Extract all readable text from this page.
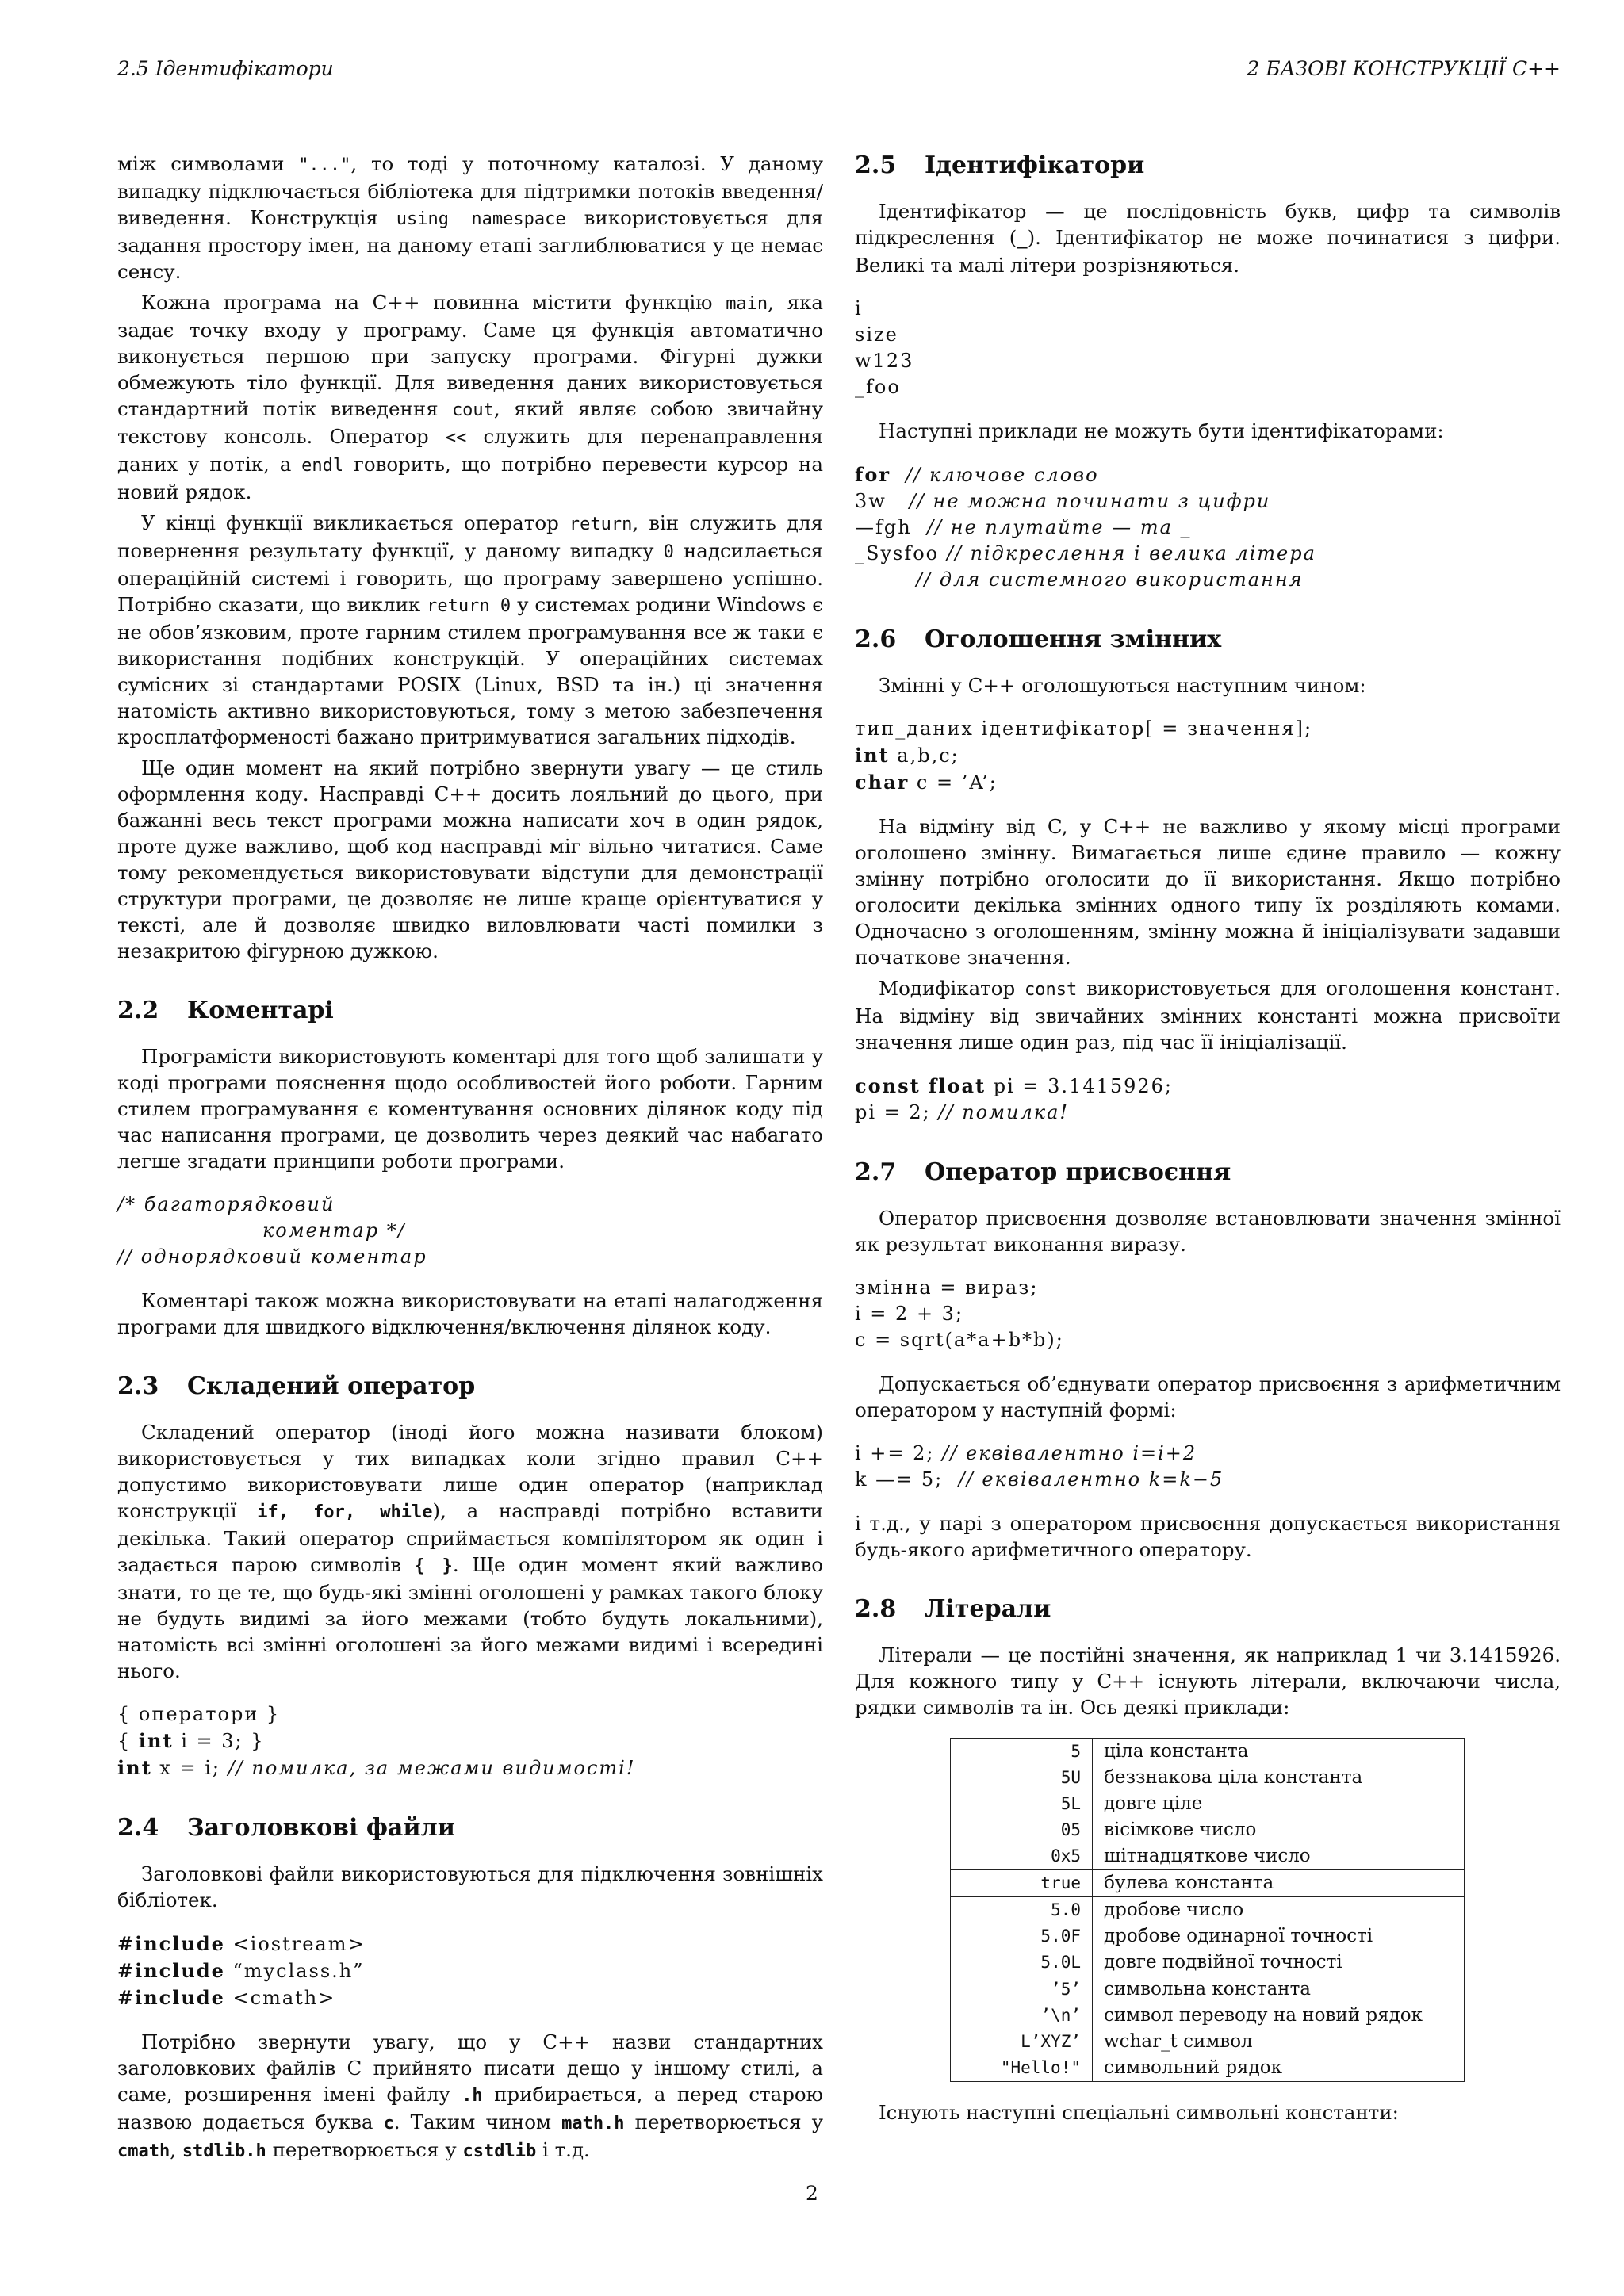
2.5 Ідентифікатори	2 БАЗОВІ КОНСТРУКЦІЇ C++

між символами "...", то тоді у поточному каталозі. У даному випадку підключається бібліотека для підтримки потоків введення/виведення. Конструкція using namespace використовується для задання простору імен, на даному етапі заглиблюватися у це немає сенсу.

Кожна програма на C++ повинна містити функцію main, яка задає точку входу у програму. Саме ця функція автоматично виконується першою при запуску програми. Фігурні дужки обмежують тіло функції. Для виведення даних використовується стандартний потік виведення cout, який являє собою звичайну текстову консоль. Оператор << служить для перенаправлення даних у потік, а endl говорить, що потрібно перевести курсор на новий рядок.

У кінці функції викликається оператор return, він служить для повернення результату функції, у даному випадку 0 надсилається операційній системі і говорить, що програму завершено успішно. Потрібно сказати, що виклик return 0 у системах родини Windows є не обов’язковим, проте гарним стилем програмування все ж таки є використання подібних конструкцій. У операційних системах сумісних зі стандартами POSIX (Linux, BSD та ін.) ці значення натомість активно використовуються, тому з метою забезпечення кросплатформеності бажано притримуватися загальних підходів.

Ще один момент на який потрібно звернути увагу — це стиль оформлення коду. Насправді C++ досить лояльний до цього, при бажанні весь текст програми можна написати хоч в один рядок, проте дуже важливо, щоб код насправді міг вільно читатися. Саме тому рекомендується використовувати відступи для демонстрації структури програми, це дозволяє не лише краще орієнтуватися у тексті, але й дозволяє швидко виловлювати часті помилки з незакритою фігурною дужкою.

2.2 Коментарі

Програмісти використовують коментарі для того щоб залишати у коді програми пояснення щодо особливостей його роботи. Гарним стилем програмування є коментування основних ділянок коду під час написання програми, це дозволить через деякий час набагато легше згадати принципи роботи програми.

/* багаторядковий
коментар */
// однорядковий коментар

Коментарі також можна використовувати на етапі налагодження програми для швидкого відключення/включення ділянок коду.

2.3 Складений оператор

Складений оператор (іноді його можна називати блоком) використовується у тих випадках коли згідно правил C++ допустимо використовувати лише один оператор (наприклад конструкції if, for, while), а насправді потрібно вставити декілька. Такий оператор сприймається компілятором як один і задається парою символів { }. Ще один момент який важливо знати, то це те, що будь-які змінні оголошені у рамках такого блоку не будуть видимі за його межами (тобто будуть локальними), натомість всі змінні оголошені за його межами видимі і всередині нього.

{ оператори }
{ int i = 3; }
int x = i; // помилка, за межами видимості!
2.4 Заголовкові файли

Заголовкові файли використовуються для підключення зовнішніх бібліотек.

#include <iostream>
#include “myclass.h”
#include <cmath>

Потрібно звернути увагу, що у C++ назви стандартних заголовкових файлів C прийнято писати дещо у іншому стилі, а саме, розширення імені файлу .h прибирається, а перед старою назвою додається буква c. Таким чином math.h перетворюється у cmath, stdlib.h перетворюється у cstdlib і т.д.

2.5 Ідентифікатори

Ідентифікатор — це послідовність букв, цифр та символів підкреслення (_). Ідентифікатор не може починатися з цифри. Великі та малі літери розрізняються.

i
size
w123
_foo

Наступні приклади не можуть бути ідентифікаторами:

for // ключове слово
3w // не можна починати з цифри
—fgh // не плутайте — та _
_Sysfoo // підкреслення і велика літера
// для системного використання
2.6 Оголошення змінних

Змінні у C++ оголошуються наступним чином:

тип_даних ідентифікатор[ = значення];
int a,b,c;
char c = ’A’;

На відміну від C, у C++ не важливо у якому місці програми оголошено змінну. Вимагається лише єдине правило — кожну змінну потрібно оголосити до її використання. Якщо потрібно оголосити декілька змінних одного типу їх розділяють комами. Одночасно з оголошенням, змінну можна й ініціалізувати задавши початкове значення.

Модифікатор const використовується для оголошення констант. На відміну від звичайних змінних константі можна присвоїти значення лише один раз, під час її ініціалізації.

const float pi = 3.1415926;
pi = 2; // помилка!
2.7 Оператор присвоєння

Оператор присвоєння дозволяє встановлювати значення змінної як результат виконання виразу.

змінна = вираз;
i = 2 + 3;
c = sqrt(a*a+b*b);

Допускається об’єднувати оператор присвоєння з арифметичним оператором у наступній формі:

i += 2; // еквівалентно i=i+2
k —= 5;  // еквівалентно k=k−5

і т.д., у парі з оператором присвоєння допускається використання будь-якого арифметичного оператору.

2.8 Літерали

Літерали — це постійні значення, як наприклад 1 чи 3.1415926. Для кожного типу у C++ існують літерали, включаючи числа, рядки символів та ін. Ось деякі приклади:

5	ціла константа
5U	беззнакова ціла константа
5L	довге ціле
05	вісімкове число
0x5	шітнадцяткове число
true	булева константа
5.0	дробове число
5.0F	дробове одинарної точності
5.0L	довге подвійної точності
’5’	символьна константа
’\n’	символ переводу на новий рядок
L’XYZ’	wchar_t символ
"Hello!"	символьний рядок

Існують наступні спеціальні символьні константи:

2
